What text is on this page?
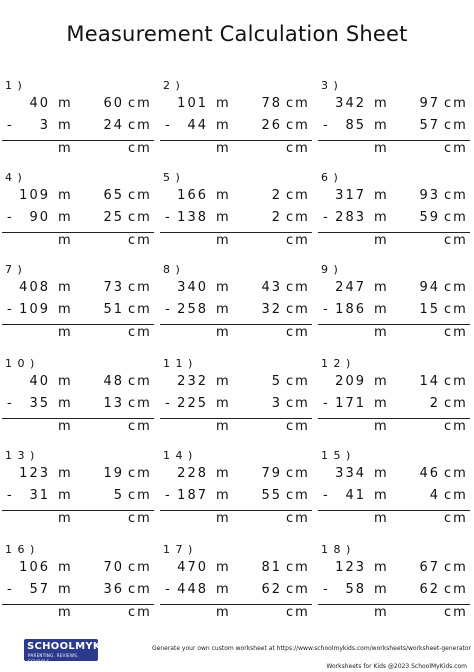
Measurement Calculation Sheet
1 )
40 m	60 cm
-	3 m	24 cm
m	cm
2 )
101 m	78 cm
-	44 m	26 cm
m	cm
3 )
342 m	97 cm
-	85 m	57 cm
m	cm
4 )
109 m	65 cm
-	90 m	25 cm
m	cm
5 )
166 m	2 cm
- 138 m	2 cm
m	cm
6 )
317 m	93 cm
- 283 m	59 cm
m	cm
7 )
408 m	73 cm
- 109 m	51 cm
m	cm
8 )
340 m	43 cm
- 258 m	32 cm
m	cm
9 )
247 m	94 cm
- 186 m	15 cm
m	cm
1 0 )
40 m	48 cm
-	35 m	13 cm
m	cm
1 1 )
232 m	5 cm
- 225 m	3 cm
m	cm
1 2 )
209 m	14 cm
- 171 m	2 cm
m	cm
1 3 )
123 m	19 cm
-	31 m	5 cm
m	cm
1 4 )
228 m	79 cm
- 187 m	55 cm
m	cm
1 5 )
334 m	46 cm
-	41 m	4 cm
m	cm
1 6 )
106 m	70 cm
-	57 m	36 cm
m	cm
1 7 )
470 m	81 cm
- 448 m	62 cm
m	cm
1 8 )
123 m	67 cm
-	58 m	62 cm
m	cm
SCHOOLMYKIDS
PARENTING. REVIEWS. SCHOOLS
Generate your own custom worksheet at https://www.schoolmykids.com/worksheets/worksheet-generator
Worksheets for Kids @2023 SchoolMyKids.com
